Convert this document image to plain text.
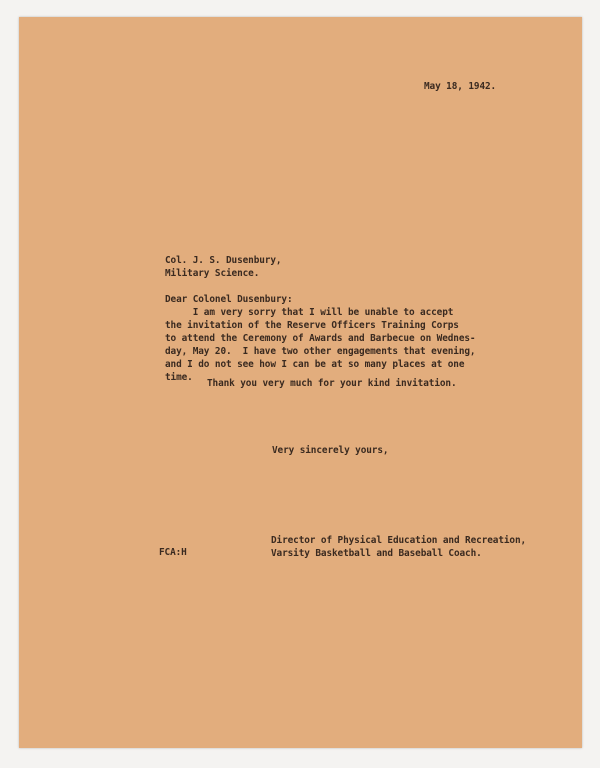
May 18, 1942.
Col. J. S. Dusenbury,
Military Science.
Dear Colonel Dusenbury:
I am very sorry that I will be unable to accept
the invitation of the Reserve Officers Training Corps
to attend the Ceremony of Awards and Barbecue on Wednes-
day, May 20.  I have two other engagements that evening,
and I do not see how I can be at so many places at one
time.
Thank you very much for your kind invitation.
Very sincerely yours,
Director of Physical Education and Recreation,
Varsity Basketball and Baseball Coach.
FCA:H
